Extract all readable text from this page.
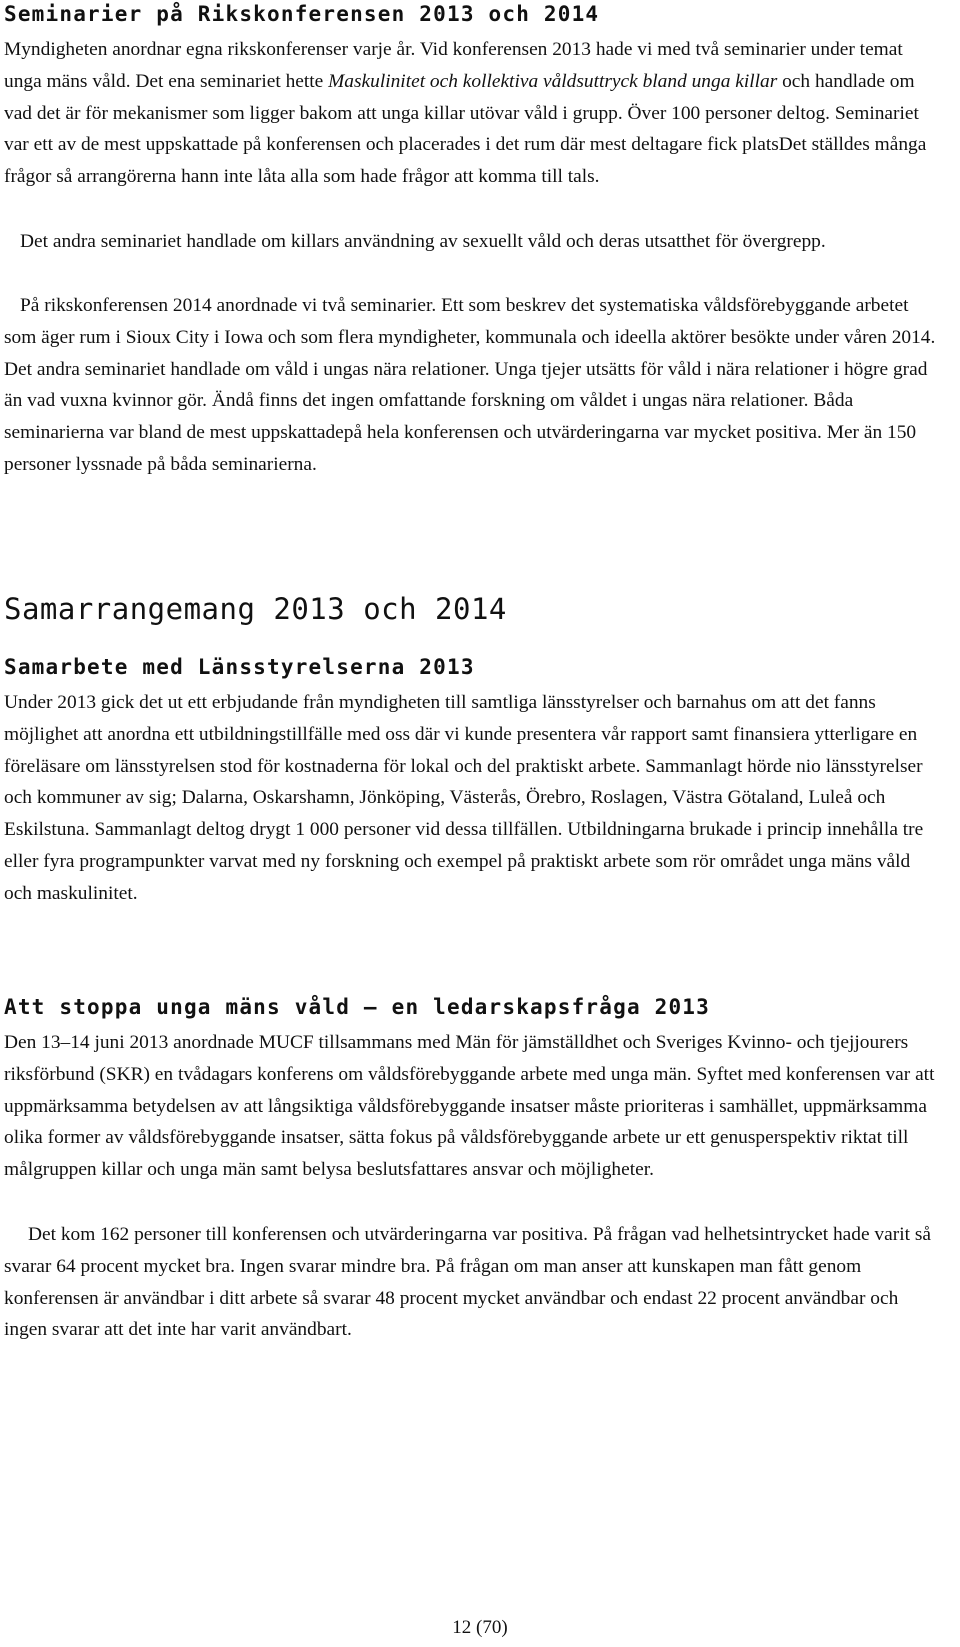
Seminarier på Rikskonferensen 2013 och 2014

Myndigheten anordnar egna rikskonferenser varje år. Vid konferensen 2013 hade vi med två seminarier under temat unga mäns våld. Det ena seminariet hette Maskulinitet och kollektiva våldsuttryck bland unga killar och handlade om vad det är för mekanismer som ligger bakom att unga killar utövar våld i grupp. Över 100 personer deltog. Seminariet var ett av de mest uppskattade på konferensen och placerades i det rum där mest deltagare fick platsDet ställdes många frågor så arrangörerna hann inte låta alla som hade frågor att komma till tals.

Det andra seminariet handlade om killars användning av sexuellt våld och deras utsatthet för övergrepp.

På rikskonferensen 2014 anordnade vi två seminarier. Ett som beskrev det systematiska våldsförebyggande arbetet som äger rum i Sioux City i Iowa och som flera myndigheter, kommunala och ideella aktörer besökte under våren 2014. Det andra seminariet handlade om våld i ungas nära relationer. Unga tjejer utsätts för våld i nära relationer i högre grad än vad vuxna kvinnor gör. Ändå finns det ingen omfattande forskning om våldet i ungas nära relationer. Båda seminarierna var bland de mest uppskattadepå hela konferensen och utvärderingarna var mycket positiva. Mer än 150 personer lyssnade på båda seminarierna.

Samarrangemang 2013 och 2014
Samarbete med Länsstyrelserna 2013

Under 2013 gick det ut ett erbjudande från myndigheten till samtliga länsstyrelser och barnahus om att det fanns möjlighet att anordna ett utbildningstillfälle med oss där vi kunde presentera vår rapport samt finansiera ytterligare en föreläsare om länsstyrelsen stod för kostnaderna för lokal och del praktiskt arbete. Sammanlagt hörde nio länsstyrelser och kommuner av sig; Dalarna, Oskarshamn, Jönköping, Västerås, Örebro, Roslagen, Västra Götaland, Luleå och Eskilstuna. Sammanlagt deltog drygt 1 000 personer vid dessa tillfällen. Utbildningarna brukade i princip innehålla tre eller fyra programpunkter varvat med ny forskning och exempel på praktiskt arbete som rör området unga mäns våld och maskulinitet.

Att stoppa unga mäns våld – en ledarskapsfråga 2013

Den 13–14 juni 2013 anordnade MUCF tillsammans med Män för jämställdhet och Sveriges Kvinno- och tjejjourers riksförbund (SKR) en tvådagars konferens om våldsförebyggande arbete med unga män. Syftet med konferensen var att uppmärksamma betydelsen av att långsiktiga våldsförebyggande insatser måste prioriteras i samhället, uppmärksamma olika former av våldsförebyggande insatser, sätta fokus på våldsförebyggande arbete ur ett genusperspektiv riktat till målgruppen killar och unga män samt belysa beslutsfattares ansvar och möjligheter.

Det kom 162 personer till konferensen och utvärderingarna var positiva. På frågan vad helhetsintrycket hade varit så svarar 64 procent mycket bra. Ingen svarar mindre bra. På frågan om man anser att kunskapen man fått genom konferensen är användbar i ditt arbete så svarar 48 procent mycket användbar och endast 22 procent användbar och ingen svarar att det inte har varit användbart.

12 (70)
